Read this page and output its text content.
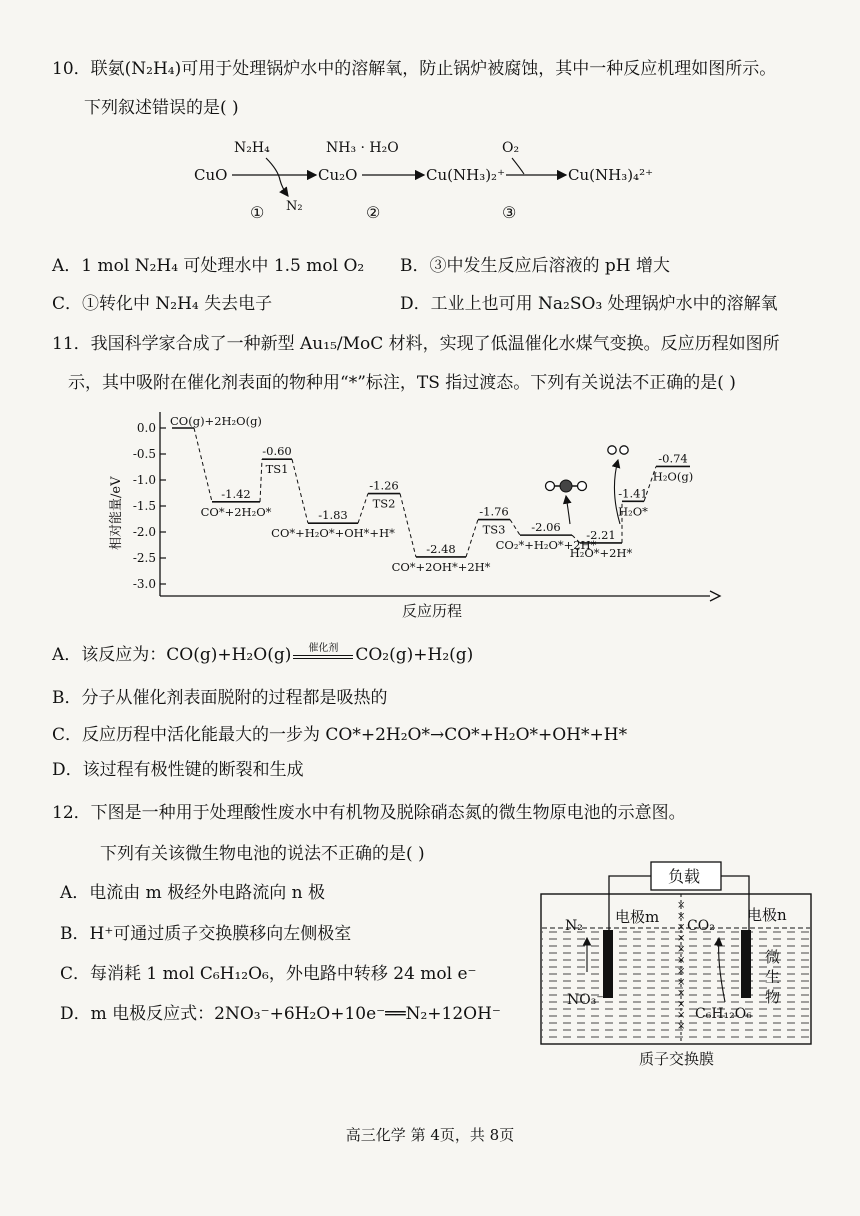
10．联氨(N₂H₄)可用于处理锅炉水中的溶解氧，防止锅炉被腐蚀，其中一种反应机理如图所示。
下列叙述错误的是( )
CuO
N₂H₄
N₂
Cu₂O
NH₃ · H₂O
Cu(NH₃)₂⁺
O₂
Cu(NH₃)₄²⁺
①	②	③
A．1 mol N₂H₄ 可处理水中 1.5 mol O₂ B．③中发生反应后溶液的 pH 增大
C．①转化中 N₂H₄ 失去电子	D．工业上也可用 Na₂SO₃ 处理锅炉水中的溶解氧
11．我国科学家合成了一种新型 Au₁₅/MoC 材料，实现了低温催化水煤气变换。反应历程如图所
示，其中吸附在催化剂表面的物种用“*”标注，TS 指过渡态。下列有关说法不正确的是( )
相对能量/eV
0.0
-0.5
-1.0
-1.5
-2.0
-2.5
-3.0
CO(g)+2H₂O(g)
-1.42
CO*+2H₂O*
-0.60
TS1
-1.83
CO*+H₂O*+OH*+H*
-1.26
TS2
-2.48
CO*+2OH*+2H*
-1.76
TS3 -2.06
CO₂*+H₂O*+2H*
-2.21
H₂O*+2H*
-1.41
H₂O*
-0.74
H₂O(g)
反应历程
A．该反应为：CO(g)+H₂O(g)	催化剂	CO₂(g)+H₂(g)
B．分子从催化剂表面脱附的过程都是吸热的
C．反应历程中活化能最大的一步为 CO*+2H₂O*→CO*+H₂O*+OH*+H*
D．该过程有极性键的断裂和生成
12．下图是一种用于处理酸性废水中有机物及脱除硝态氮的微生物原电池的示意图。
下列有关该微生物电池的说法不正确的是( )
A．电流由 m 极经外电路流向 n 极
B．H⁺可通过质子交换膜移向左侧极室
C．每消耗 1 mol C₆H₁₂O₆，外电路中转移 24 mol e⁻
D．m 电极反应式：2NO₃⁻+6H₂O+10e⁻══N₂+12OH⁻
负载
×
×
×
×
×
×
×
×
×
×
×
×
电极m	电极n
N₂
NO₃⁻
CO₂
C₆H₁₂O₆
微
生
物
质子交换膜
高三化学 第 4页，共 8页
